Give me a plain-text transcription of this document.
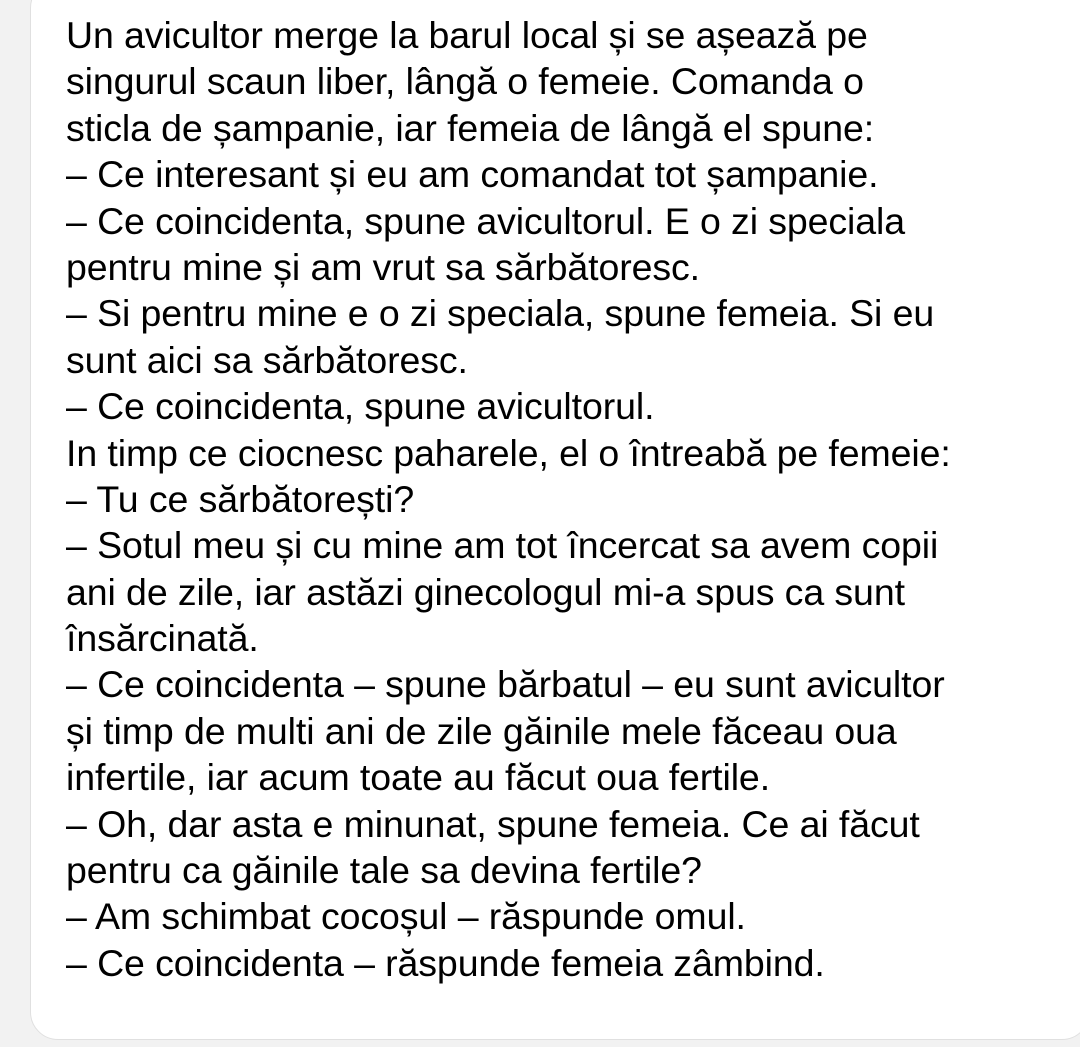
Un avicultor merge la barul local și se așează pe
singurul scaun liber, lângă o femeie. Comanda o
sticla de șampanie, iar femeia de lângă el spune:
– Ce interesant și eu am comandat tot șampanie.
– Ce coincidenta, spune avicultorul. E o zi speciala
pentru mine și am vrut sa sărbătoresc.
– Si pentru mine e o zi speciala, spune femeia. Si eu
sunt aici sa sărbătoresc.
– Ce coincidenta, spune avicultorul.
In timp ce ciocnesc paharele, el o întreabă pe femeie:
– Tu ce sărbătorești?
– Sotul meu și cu mine am tot încercat sa avem copii
ani de zile, iar astăzi ginecologul mi-a spus ca sunt
însărcinată.
– Ce coincidenta – spune bărbatul – eu sunt avicultor
și timp de multi ani de zile găinile mele făceau oua
infertile, iar acum toate au făcut oua fertile.
– Oh, dar asta e minunat, spune femeia. Ce ai făcut
pentru ca găinile tale sa devina fertile?
– Am schimbat cocoșul – răspunde omul.
– Ce coincidenta – răspunde femeia zâmbind.
